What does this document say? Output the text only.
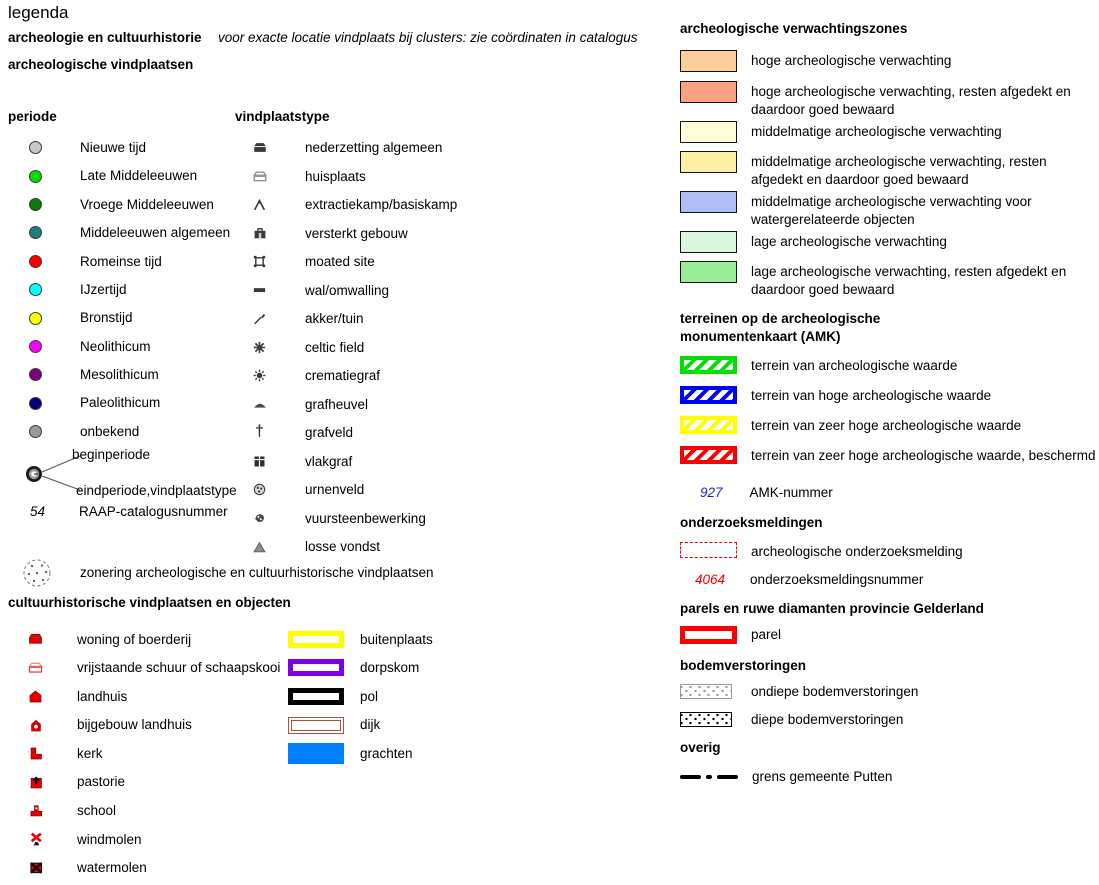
legenda
archeologie en cultuurhistorie voor exacte locatie vindplaats bij clusters: zie coördinaten in catalogus
archeologische vindplaatsen
periode
Nieuwe tijd
Late Middeleeuwen
Vroege Middeleeuwen
Middeleeuwen algemeen
Romeinse tijd
IJzertijd
Bronstijd
Neolithicum
Mesolithicum
Paleolithicum
onbekend
beginperiode
eindperiode,vindplaatstype
54	RAAP-catalogusnummer
vindplaatstype
nederzetting algemeen
huisplaats
extractiekamp/basiskamp
versterkt gebouw
moated site
wal/omwalling
akker/tuin
celtic field
crematiegraf
grafheuvel
†	grafveld
vlakgraf
urnenveld
vuursteenbewerking
losse vondst
zonering archeologische en cultuurhistorische vindplaatsen
cultuurhistorische vindplaatsen en objecten
woning of boerderij
vrijstaande schuur of schaapskooi
landhuis
bijgebouw landhuis
kerk
pastorie
school
windmolen
watermolen
buitenplaats
dorpskom
pol
dijk
grachten
archeologische verwachtingszones
hoge archeologische verwachting
hoge archeologische verwachting, resten afgedekt en daardoor goed bewaard
middelmatige archeologische verwachting
middelmatige archeologische verwachting, resten afgedekt en daardoor goed bewaard
middelmatige archeologische verwachting voor watergerelateerde objecten
lage archeologische verwachting
lage archeologische verwachting, resten afgedekt en daardoor goed bewaard
terreinen op de archeologische monumentenkaart (AMK)
terrein van archeologische waarde
terrein van hoge archeologische waarde
terrein van zeer hoge archeologische waarde
terrein van zeer hoge archeologische waarde, beschermd
927 AMK-nummer
onderzoeksmeldingen
archeologische onderzoeksmelding
4064 onderzoeksmeldingsnummer
parels en ruwe diamanten provincie Gelderland
parel
bodemverstoringen
ondiepe bodemverstoringen
diepe bodemverstoringen
overig
grens gemeente Putten
